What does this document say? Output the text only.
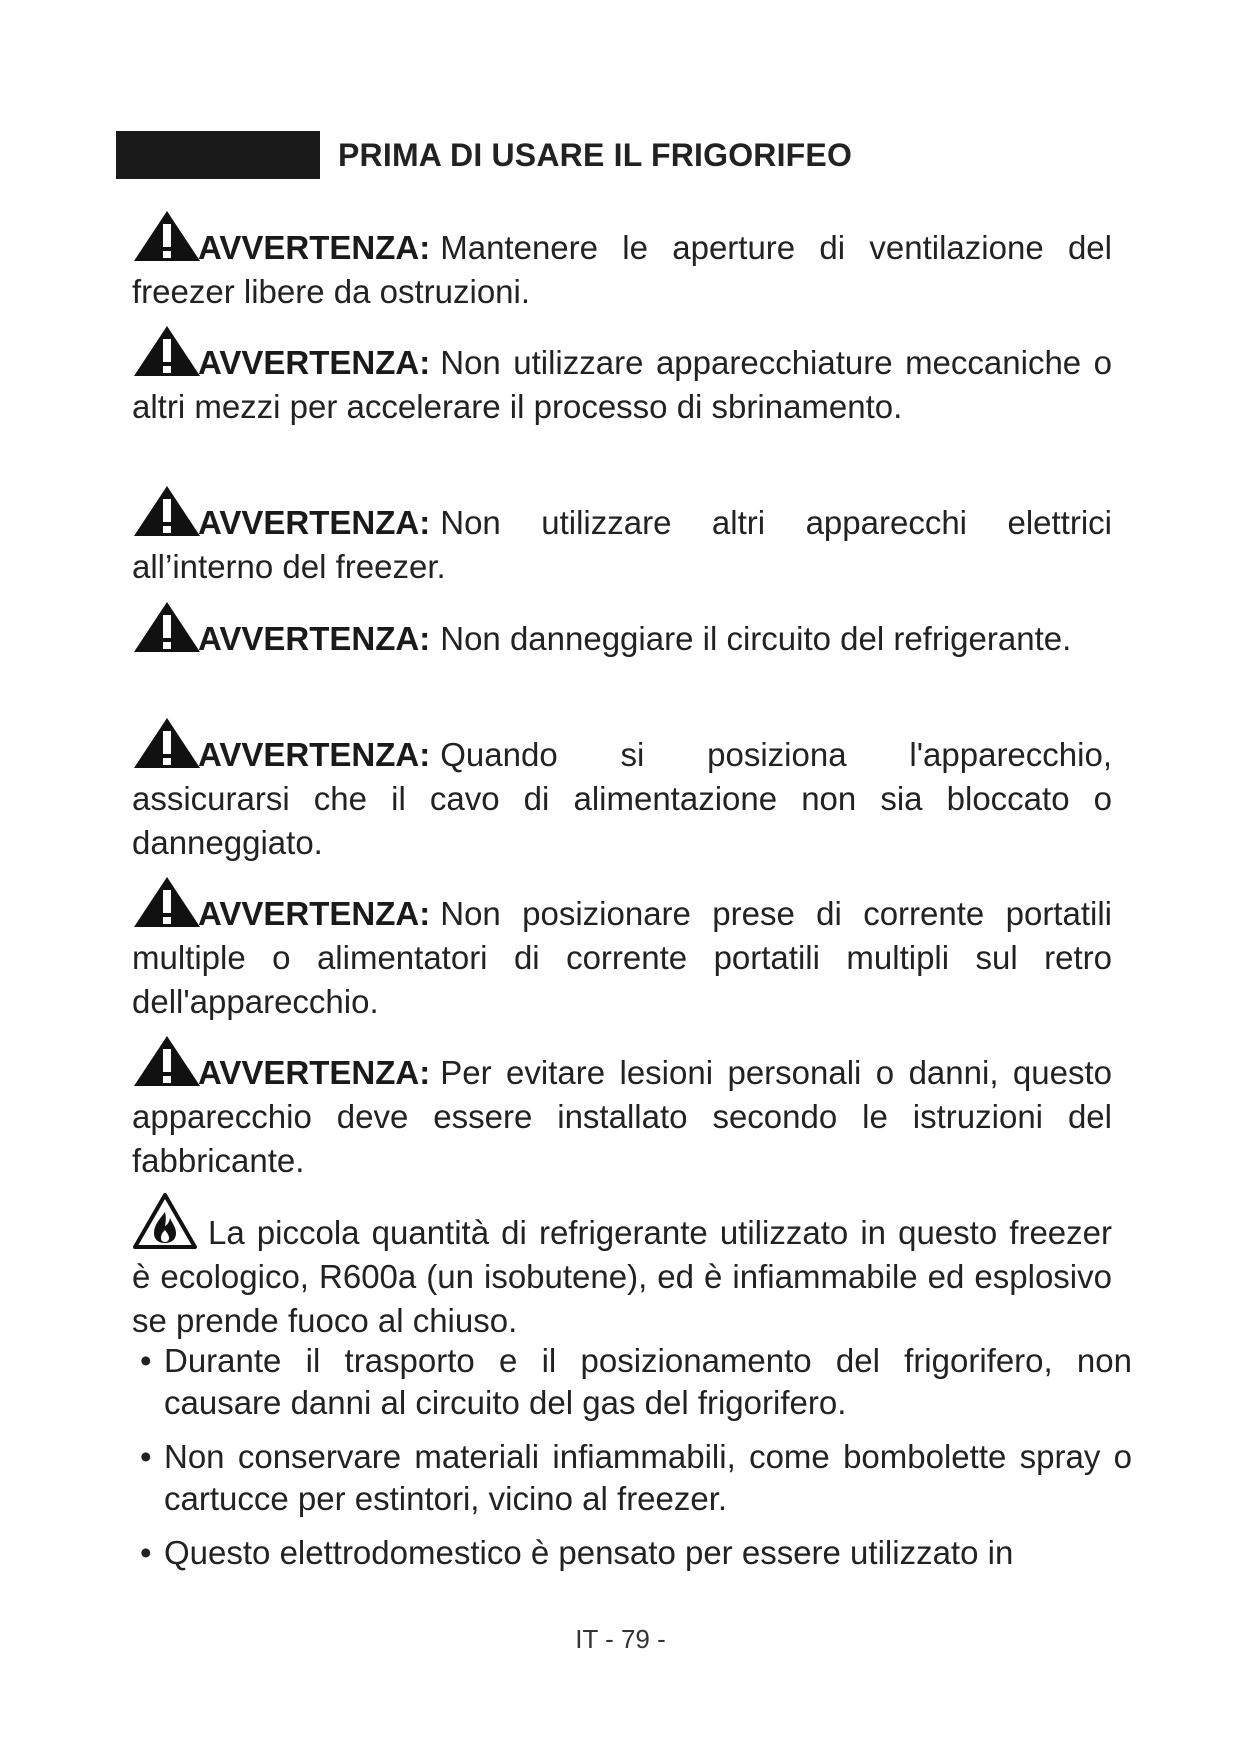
PRIMA DI USARE IL FRIGORIFEO
AVVERTENZA: Mantenere le aperture di ventilazione del freezer libere da ostruzioni.
AVVERTENZA: Non utilizzare apparecchiature meccaniche o altri mezzi per accelerare il processo di sbrinamento.
AVVERTENZA: Non utilizzare altri apparecchi elettrici all’interno del freezer.
AVVERTENZA: Non danneggiare il circuito del refrigerante.
AVVERTENZA: Quando si posiziona l'apparecchio, assicurarsi che il cavo di alimentazione non sia bloccato o danneggiato.
AVVERTENZA: Non posizionare prese di corrente portatili multiple o alimentatori di corrente portatili multipli sul retro dell'apparecchio.
AVVERTENZA: Per evitare lesioni personali o danni, questo apparecchio deve essere installato secondo le istruzioni del fabbricante.
La piccola quantità di refrigerante utilizzato in questo freezer è ecologico, R600a (un isobutene), ed è infiammabile ed esplosivo se prende fuoco al chiuso.
• Durante il trasporto e il posizionamento del frigorifero, non causare danni al circuito del gas del frigorifero.
• Non conservare materiali infiammabili, come bombolette spray o cartucce per estintori, vicino al freezer.
• Questo elettrodomestico è pensato per essere utilizzato in
IT - 79 -
